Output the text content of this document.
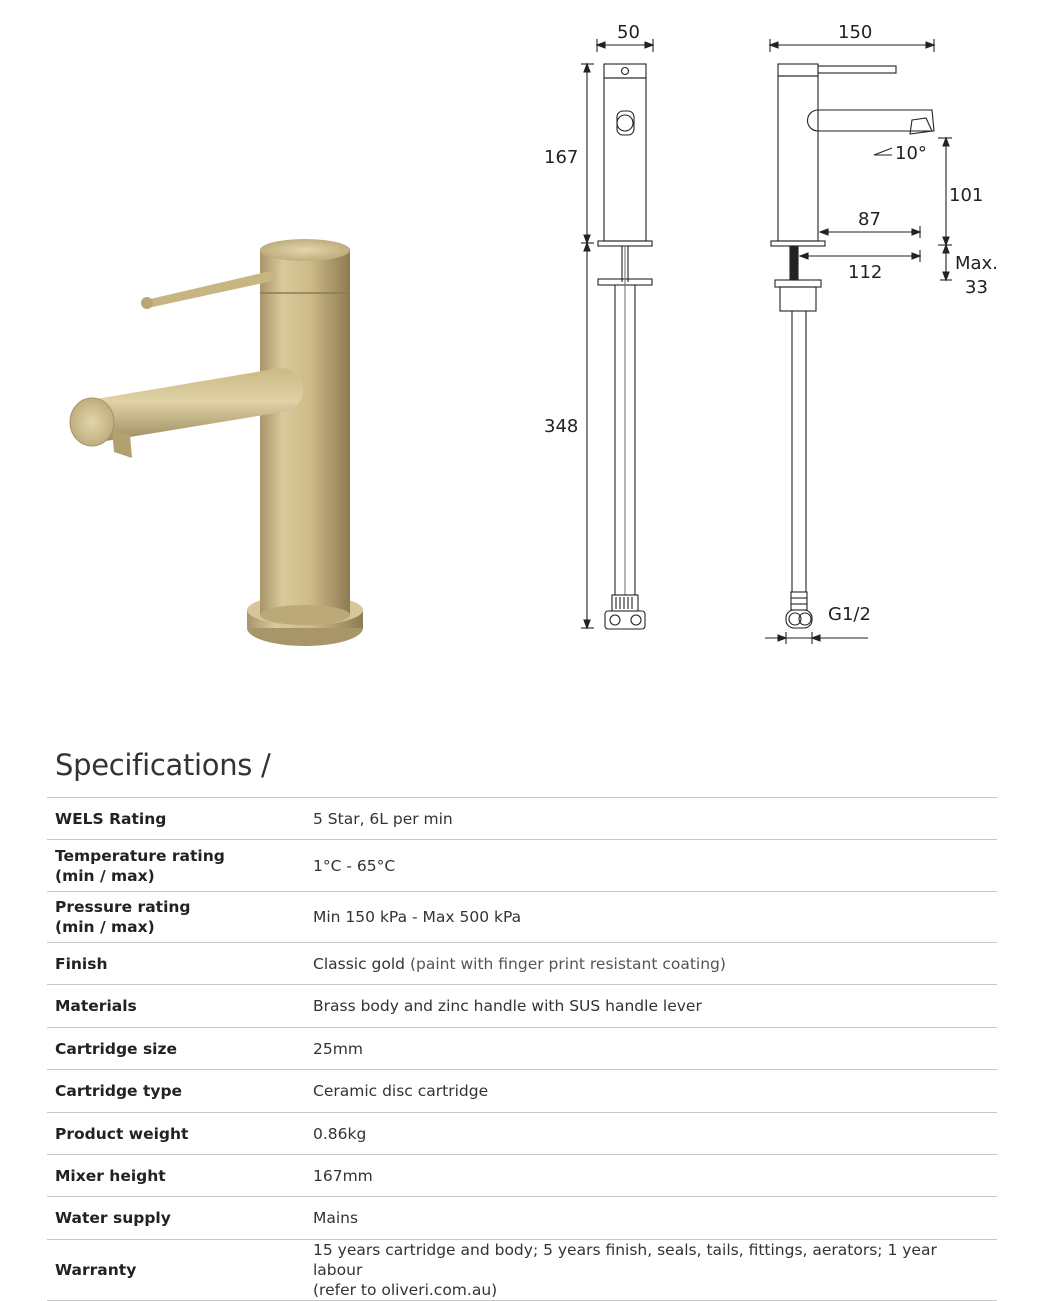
50
167
348
150
10°
101
87
112	Max.
33
G1/2
Specifications /
WELS Rating	5 Star, 6L per min
Temperature rating
(min / max)	1°C - 65°C
Pressure rating
(min / max)	Min 150 kPa - Max 500 kPa
Finish	Classic gold (paint with finger print resistant coating)
Materials	Brass body and zinc handle with SUS handle lever
Cartridge size	25mm
Cartridge type	Ceramic disc cartridge
Product weight	0.86kg
Mixer height	167mm
Water supply	Mains
Warranty	15 years cartridge and body; 5 years finish, seals, tails, fittings, aerators; 1 year labour
(refer to oliveri.com.au)
